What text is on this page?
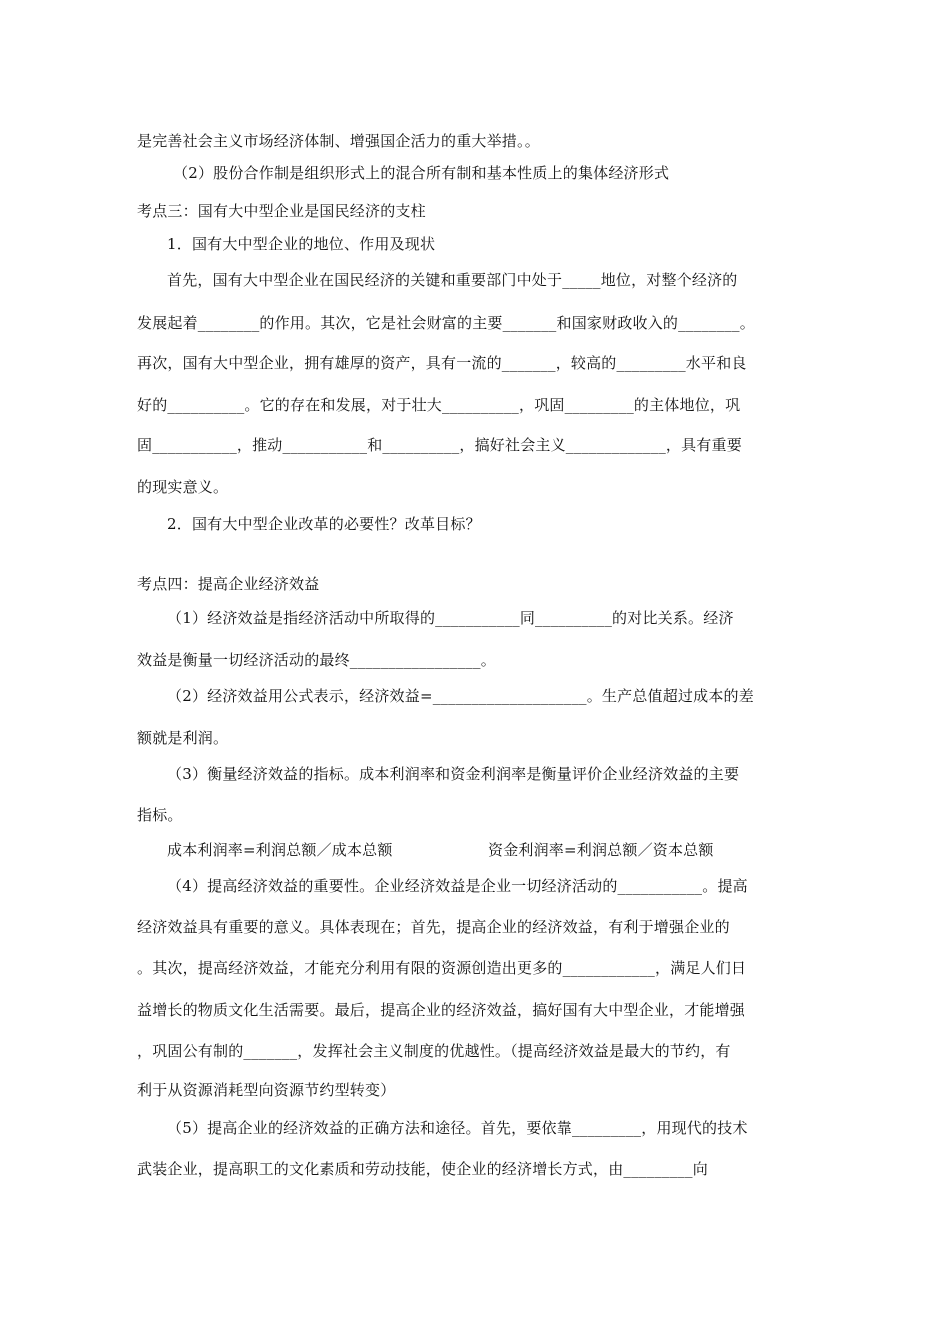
是完善社会主义市场经济体制、增强国企活力的重大举措。。
（2）股份合作制是组织形式上的混合所有制和基本性质上的集体经济形式
考点三：国有大中型企业是国民经济的支柱
1．国有大中型企业的地位、作用及现状
首先，国有大中型企业在国民经济的关键和重要部门中处于_____地位，对整个经济的
发展起着________的作用。其次，它是社会财富的主要_______和国家财政收入的________。
再次，国有大中型企业，拥有雄厚的资产，具有一流的_______，较高的_________水平和良
好的__________。它的存在和发展，对于壮大__________，巩固_________的主体地位，巩
固___________，推动___________和__________，搞好社会主义_____________，具有重要
的现实意义。
2．国有大中型企业改革的必要性？改革目标？
考点四：提高企业经济效益
（1）经济效益是指经济活动中所取得的___________同__________的对比关系。经济
效益是衡量一切经济活动的最终_________________。
（2）经济效益用公式表示，经济效益=____________________。生产总值超过成本的差
额就是利润。
（3）衡量经济效益的指标。成本利润率和资金利润率是衡量评价企业经济效益的主要
指标。
成本利润率=利润总额／成本总额	资金利润率=利润总额／资本总额
（4）提高经济效益的重要性。企业经济效益是企业一切经济活动的___________。提高
经济效益具有重要的意义。具体表现在；首先，提高企业的经济效益，有利于增强企业的
。其次，提高经济效益，才能充分利用有限的资源创造出更多的____________，满足人们日
益增长的物质文化生活需要。最后，提高企业的经济效益，搞好国有大中型企业，才能增强
，巩固公有制的_______，发挥社会主义制度的优越性。（提高经济效益是最大的节约，有
利于从资源消耗型向资源节约型转变）
（5）提高企业的经济效益的正确方法和途径。首先，要依靠_________，用现代的技术
武装企业，提高职工的文化素质和劳动技能，使企业的经济增长方式，由_________向
